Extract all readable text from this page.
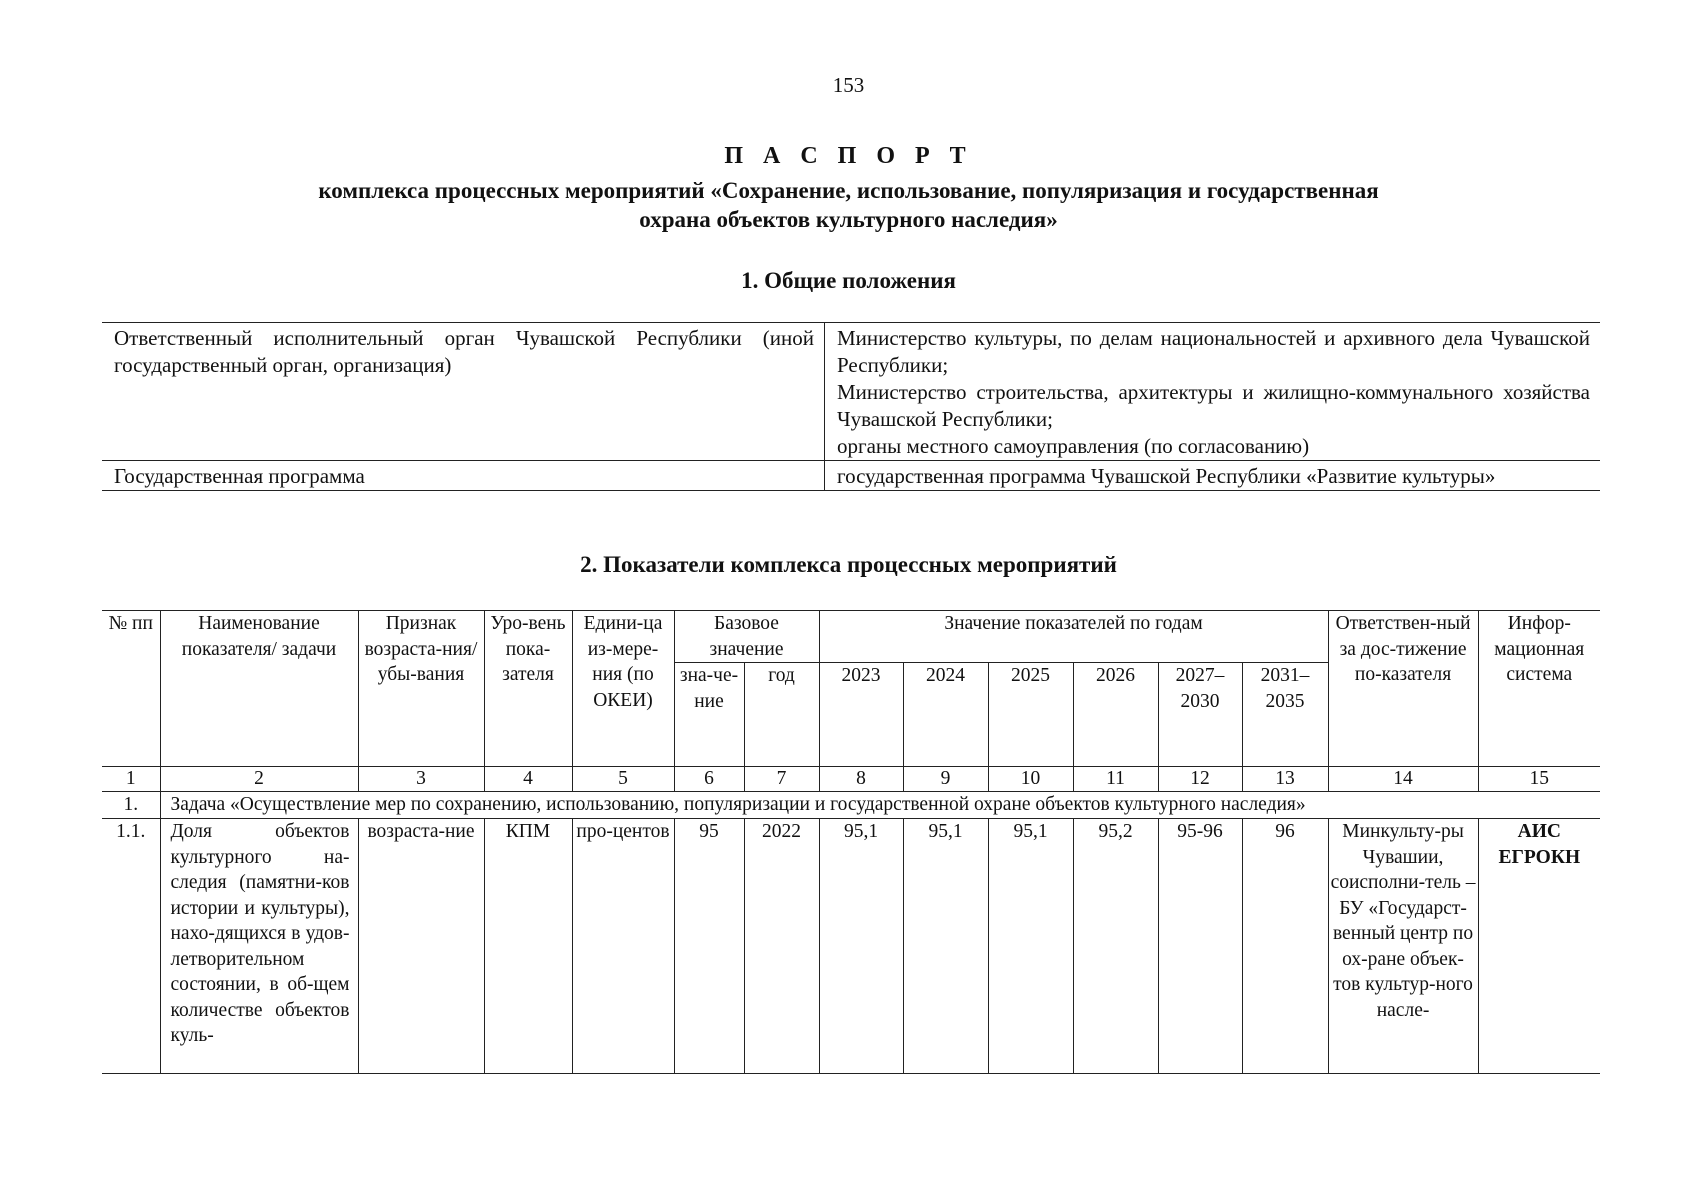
153
П А С П О Р Т
комплекса процессных мероприятий «Сохранение, использование, популяризация и государственная
охрана объектов культурного наследия»
1. Общие положения
Ответственный исполнительный орган Чувашской Республики (иной государственный орган, организация)	Министерство культуры, по делам национальностей и архивного дела Чувашской Республики;
Министерство строительства, архитектуры и жилищно-коммунального хозяйства Чувашской Республики;
органы местного самоуправления (по согласованию)

Государственная программа	государственная программа Чувашской Республики «Развитие культуры»
2. Показатели комплекса процессных мероприятий
№ пп	Наименование показателя/ задачи	Признак возраста-ния/ убы-вания	Уро-вень пока-зателя	Едини-ца из-мере-ния (по ОКЕИ)	Базовое значение		Значение показателей по годам						Ответствен-ный за дос-тижение по-казателя	Инфор-мационная система
					зна-че-ние	год	2023	2024	2025	2026	2027–2030	2031–2035		
1	2	3	4	5	6	7	8	9	10	11	12	13	14	15
1.	Задача «Осуществление мер по сохранению, использованию, популяризации и государственной охране объектов культурного наследия»													
1.1.	Доля объектов культурного на-следия (памятни-ков истории и культуры), нахо-дящихся в удов-летворительном состоянии, в об-щем количестве объектов куль-	возраста-ние	КПМ	про-центов	95	2022	95,1	95,1	95,1	95,2	95-96	96	Минкульту-ры Чувашии, соисполни-тель – БУ «Государст-венный центр по ох-ране объек-тов культур-ного насле-	АИС ЕГРОКН
